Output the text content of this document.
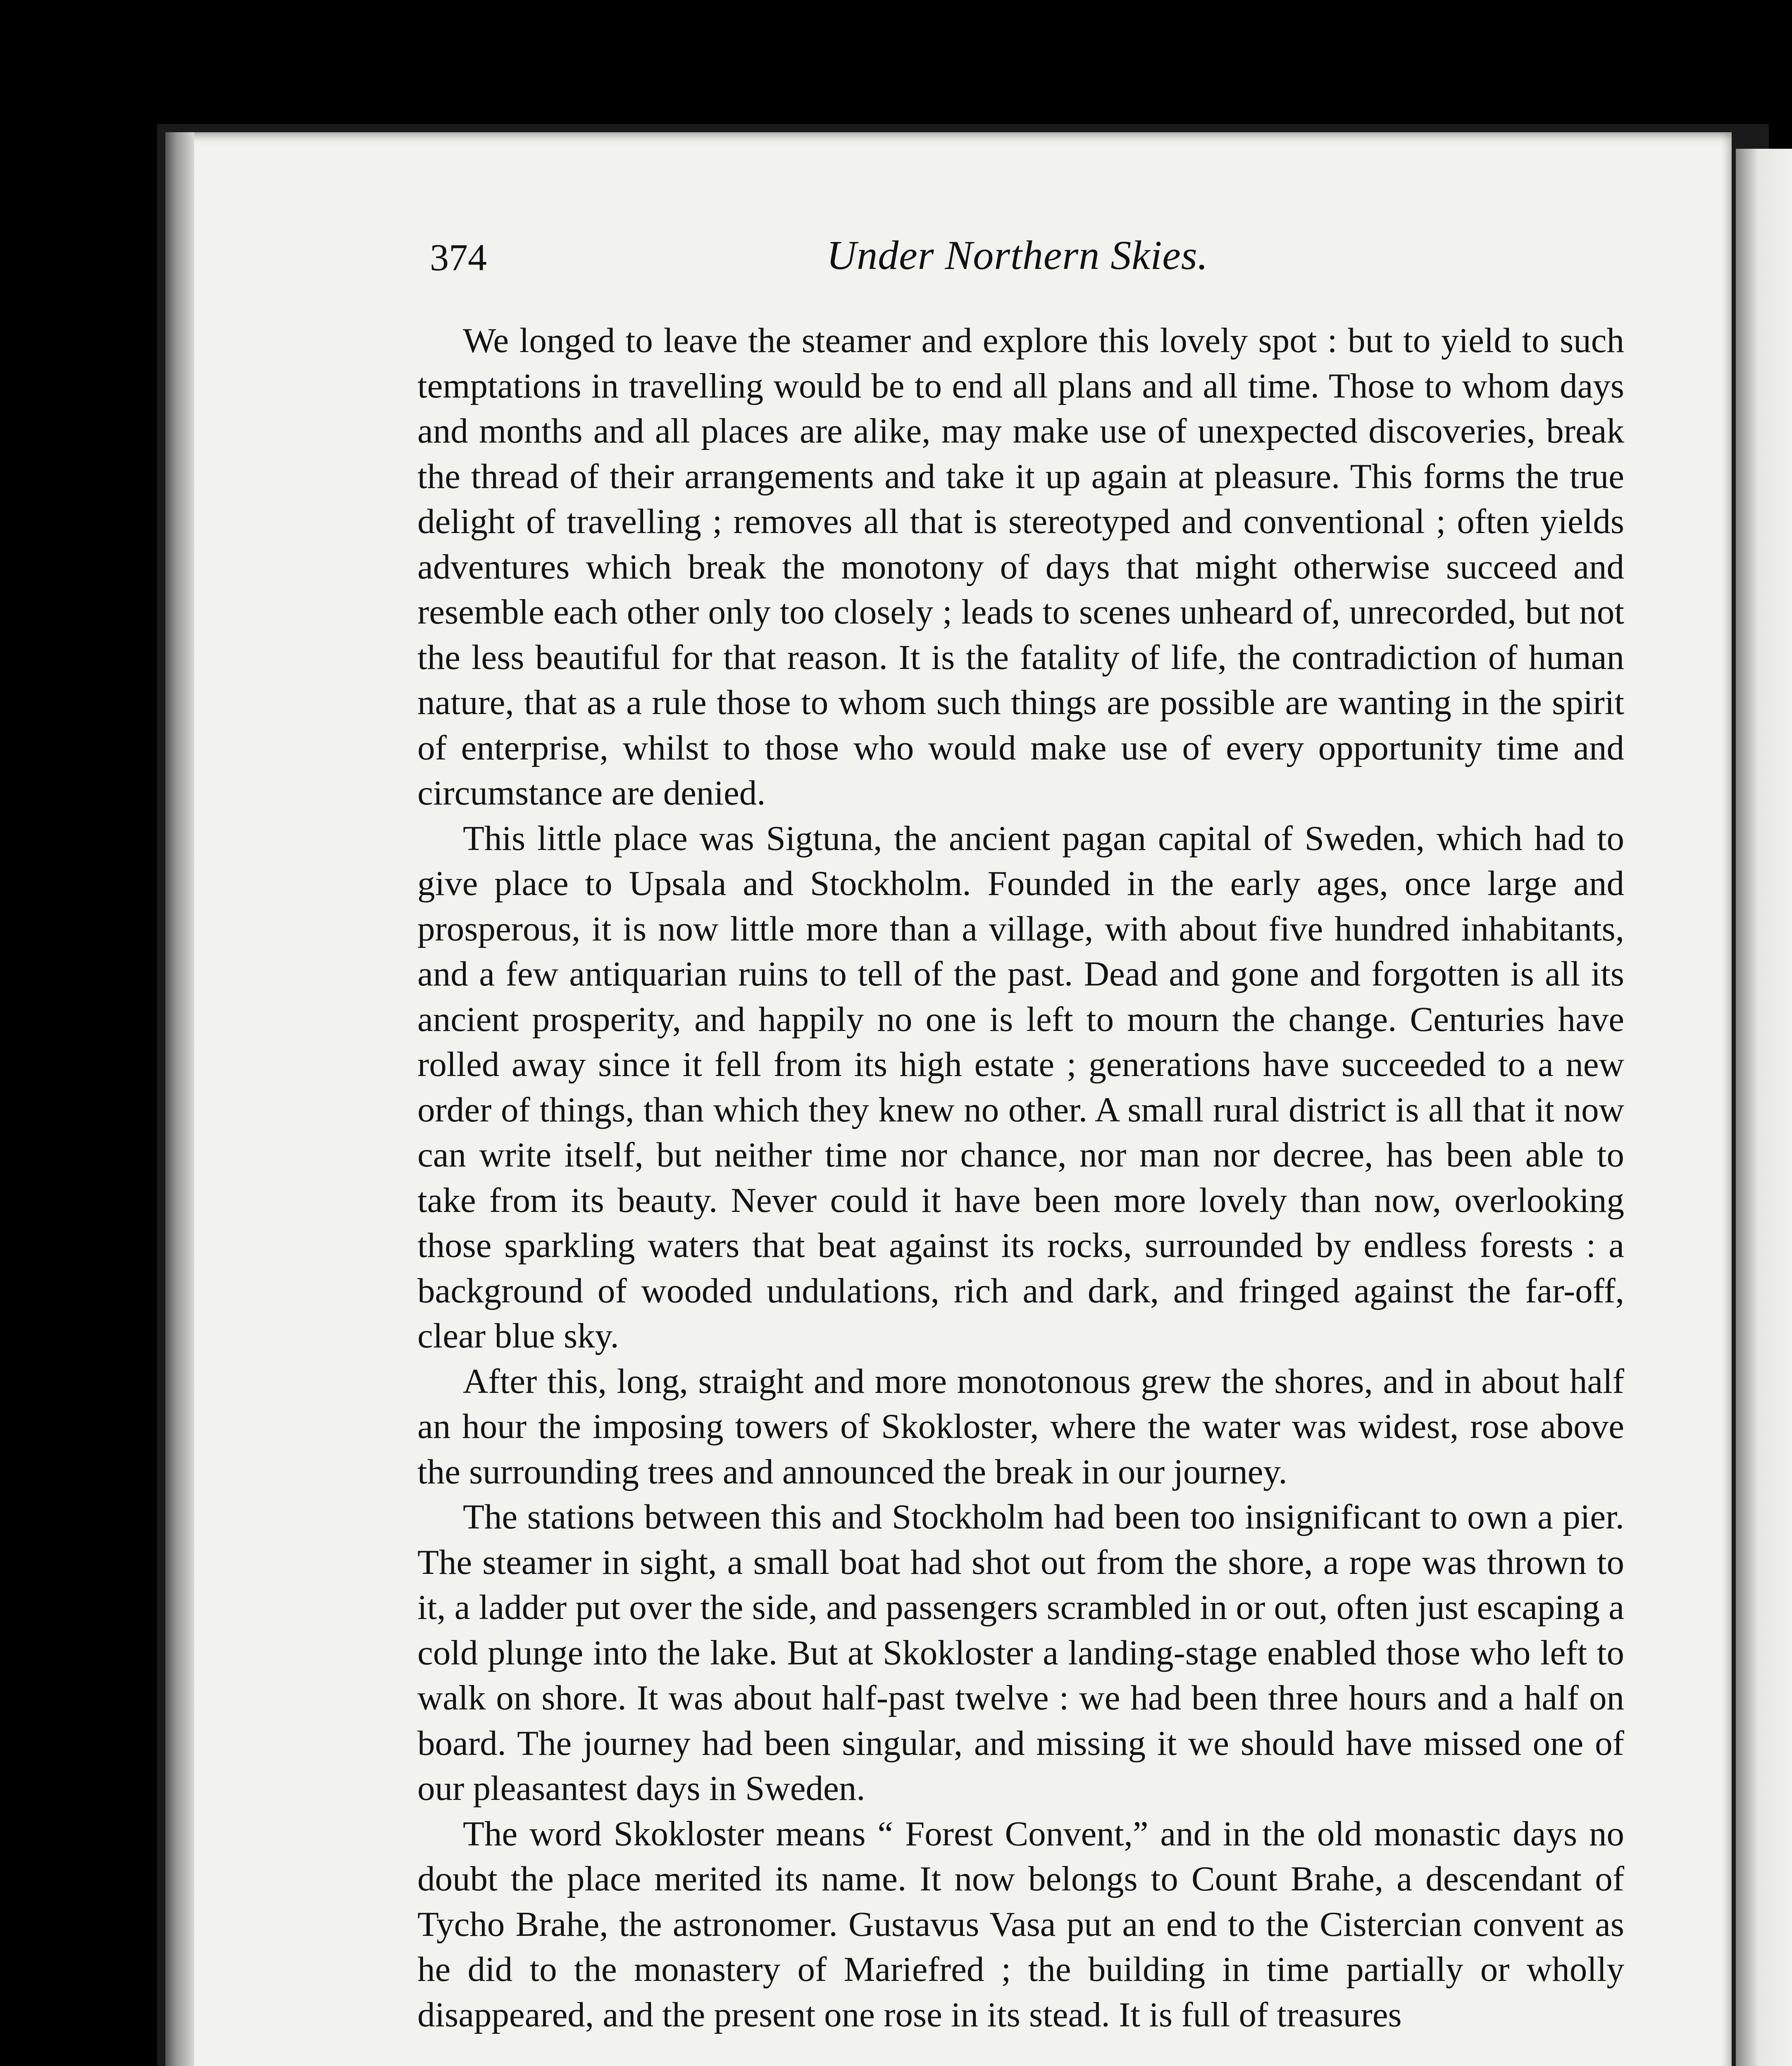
374	Under Northern Skies.

We longed to leave the steamer and explore this lovely spot : but to yield to such temptations in travelling would be to end all plans and all time. Those to whom days and months and all places are alike, may make use of unexpected discoveries, break the thread of their arrangements and take it up again at pleasure. This forms the true delight of travelling ; removes all that is stereotyped and conventional ; often yields adventures which break the monotony of days that might otherwise succeed and resemble each other only too closely ; leads to scenes unheard of, unrecorded, but not the less beautiful for that reason. It is the fatality of life, the contradiction of human nature, that as a rule those to whom such things are possible are wanting in the spirit of enterprise, whilst to those who would make use of every opportunity time and circumstance are denied.

This little place was Sigtuna, the ancient pagan capital of Sweden, which had to give place to Upsala and Stockholm. Founded in the early ages, once large and prosperous, it is now little more than a village, with about five hundred inhabitants, and a few antiquarian ruins to tell of the past. Dead and gone and forgotten is all its ancient prosperity, and happily no one is left to mourn the change. Centuries have rolled away since it fell from its high estate ; generations have succeeded to a new order of things, than which they knew no other. A small rural district is all that it now can write itself, but neither time nor chance, nor man nor decree, has been able to take from its beauty. Never could it have been more lovely than now, overlooking those sparkling waters that beat against its rocks, surrounded by endless forests : a background of wooded undulations, rich and dark, and fringed against the far-off, clear blue sky.

After this, long, straight and more monotonous grew the shores, and in about half an hour the imposing towers of Skokloster, where the water was widest, rose above the surrounding trees and announced the break in our journey.

The stations between this and Stockholm had been too insignificant to own a pier. The steamer in sight, a small boat had shot out from the shore, a rope was thrown to it, a ladder put over the side, and passengers scrambled in or out, often just escaping a cold plunge into the lake. But at Skokloster a landing-stage enabled those who left to walk on shore. It was about half-past twelve : we had been three hours and a half on board. The journey had been singular, and missing it we should have missed one of our pleasantest days in Sweden.

The word Skokloster means “ Forest Convent,” and in the old monastic days no doubt the place merited its name. It now belongs to Count Brahe, a descendant of Tycho Brahe, the astronomer. Gustavus Vasa put an end to the Cistercian convent as he did to the monastery of Mariefred ; the building in time partially or wholly disappeared, and the present one rose in its stead. It is full of treasures
